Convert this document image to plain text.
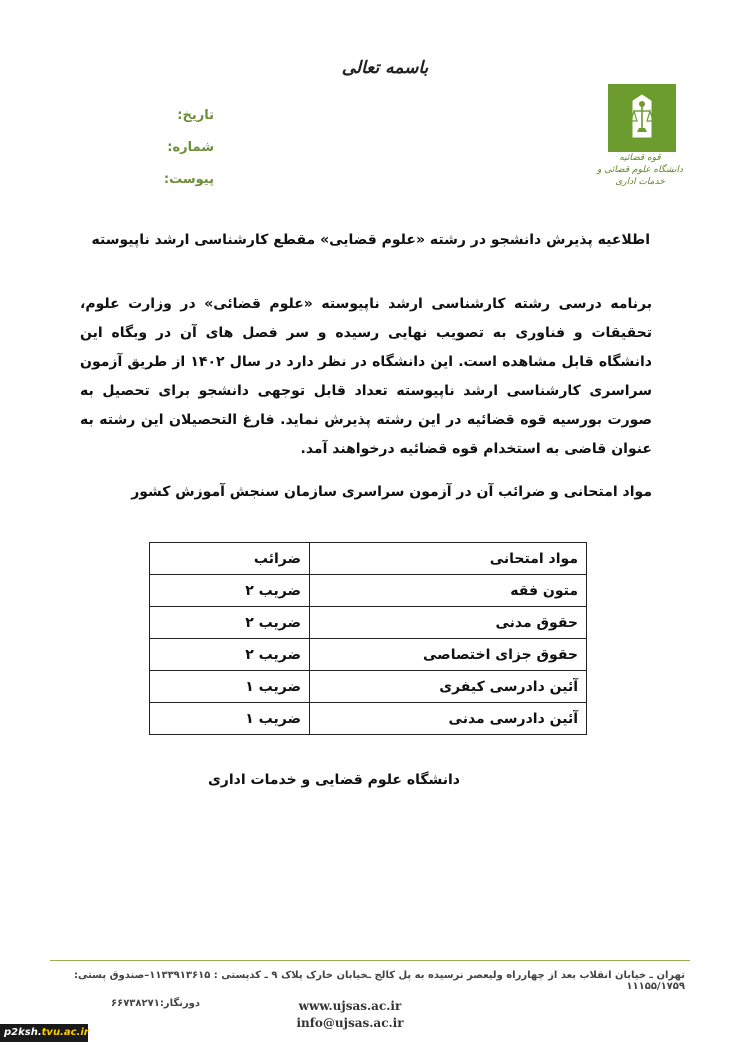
باسمه تعالی
قوه قضائیه
دانشگاه علوم قضائی و خدمات اداری
تاریخ:
شماره:
پیوست:
اطلاعیه پذیرش دانشجو در رشته «علوم قضایی» مقطع کارشناسی ارشد ناپیوسته
برنامه درسی رشته کارشناسی ارشد ناپیوسته «علوم قضائی» در وزارت علوم، تحقیقات و فناوری به تصویب نهایی رسیده و سر فصل های آن در وبگاه این دانشگاه قابل مشاهده است. این دانشگاه در نظر دارد در سال ۱۴۰۲ از طریق آزمون سراسری کارشناسی ارشد ناپیوسته تعداد قابل توجهی دانشجو برای تحصیل به صورت بورسیه قوه قضائیه در این رشته پذیرش نماید. فارغ التحصیلان این رشته به عنوان قاضی به استخدام قوه قضائیه درخواهند آمد.
مواد امتحانی و ضرائب آن در آزمون سراسری سازمان سنجش آموزش کشور
مواد امتحانی	ضرائب
متون فقه	ضریب ۲
حقوق مدنی	ضریب ۲
حقوق جزای اختصاصی	ضریب ۲
آئین دادرسی کیفری	ضریب ۱
آئین دادرسی مدنی	ضریب ۱
دانشگاه علوم قضایی و خدمات اداری
تهران ـ خیابان انقلاب بعد از چهارراه ولیعصر نرسیده به پل کالج ـخیابان خارک پلاک ۹ ـ کدپستی : ۱۱۳۳۹۱۳۶۱۵–صندوق پستی: ۱۱۱۵۵/۱۷۵۹
دورنگار:۶۶۷۳۸۲۷۱	www.ujsas.ac.ir
info@ujsas.ac.ir
p2ksh.tvu.ac.ir
